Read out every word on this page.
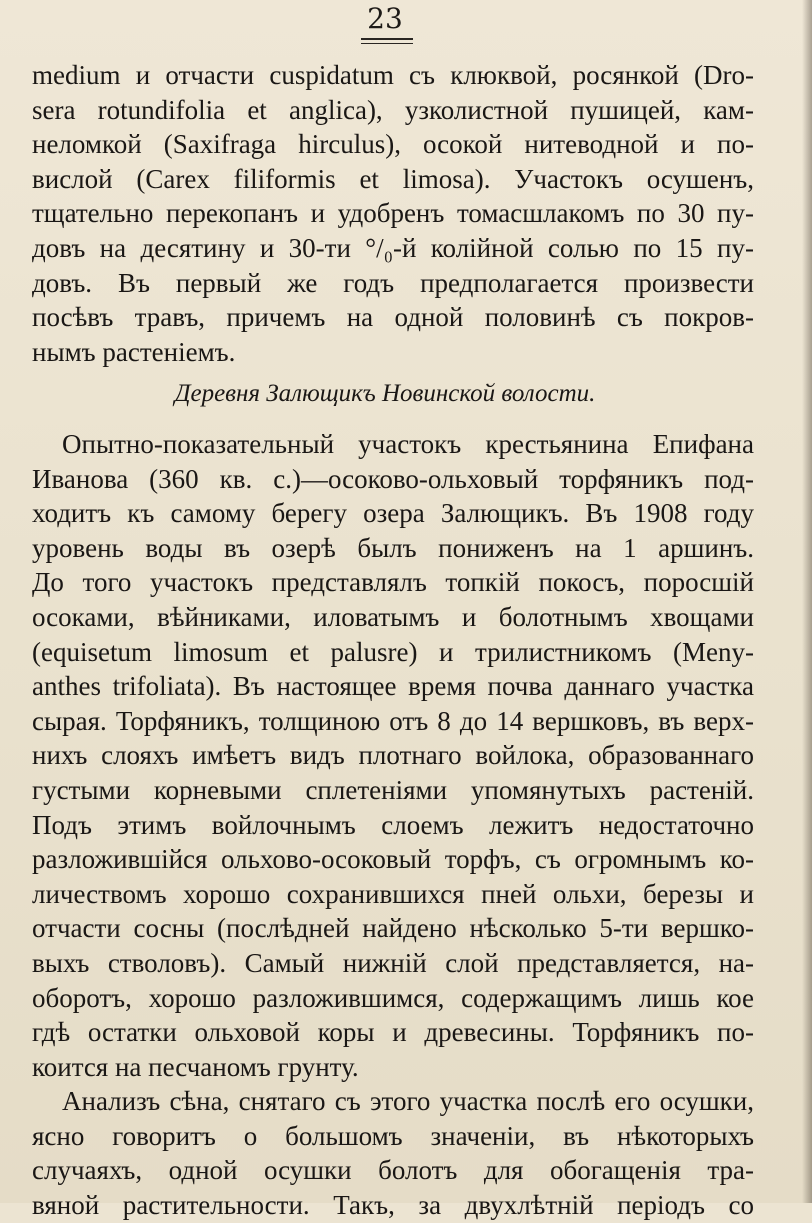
23
medium и отчасти cuspidatum съ клюквой, росянкой (Dro-
sera rotundifolia et anglica), узколистной пушицей, кам-
неломкой (Saxifraga hirculus), осокой нитеводной и по-
вислой (Carex filiformis et limosa). Участокъ осушенъ,
тщательно перекопанъ и удобренъ томасшлакомъ по 30 пу-
довъ на десятину и 30-ти °/₀-й колійной солью по 15 пу-
довъ. Въ первый же годъ предполагается произвести
посѣвъ травъ, причемъ на одной половинѣ съ покров-
нымъ растенiемъ.
Деревня Залющикъ Новинской волости.
Опытно-показательный участокъ крестьянина Епифана
Иванова (360 кв. с.)—осоково-ольховый торфяникъ под-
ходитъ къ самому берегу озера Залющикъ. Въ 1908 году
уровень воды въ озерѣ былъ пониженъ на 1 аршинъ.
До того участокъ представлялъ топкiй покосъ, поросшiй
осоками, вѣйниками, иловатымъ и болотнымъ хвощами
(equisetum limosum et palusre) и трилистникомъ (Meny-
anthes trifoliata). Въ настоящее время почва даннаго участка
сырая. Торфяникъ, толщиною отъ 8 до 14 вершковъ, въ верх-
нихъ слояхъ имѣетъ видъ плотнаго войлока, образованнаго
густыми корневыми сплетенiями упомянутыхъ растенiй.
Подъ этимъ войлочнымъ слоемъ лежитъ недостаточно
разложившiйся ольхово-осоковый торфъ, съ огромнымъ ко-
личествомъ хорошо сохранившихся пней ольхи, березы и
отчасти сосны (послѣдней найдено нѣсколько 5-ти вершко-
выхъ стволовъ). Самый нижнiй слой представляется, на-
оборотъ, хорошо разложившимся, содержащимъ лишь кое
гдѣ остатки ольховой коры и древесины. Торфяникъ по-
коится на песчаномъ грунту.
Анализъ сѣна, снятаго съ этого участка послѣ его осушки,
ясно говоритъ о большомъ значенiи, въ нѣкоторыхъ
случаяхъ, одной осушки болотъ для обогащенiя тра-
вяной растительности. Такъ, за двухлѣтнiй перiодъ со
